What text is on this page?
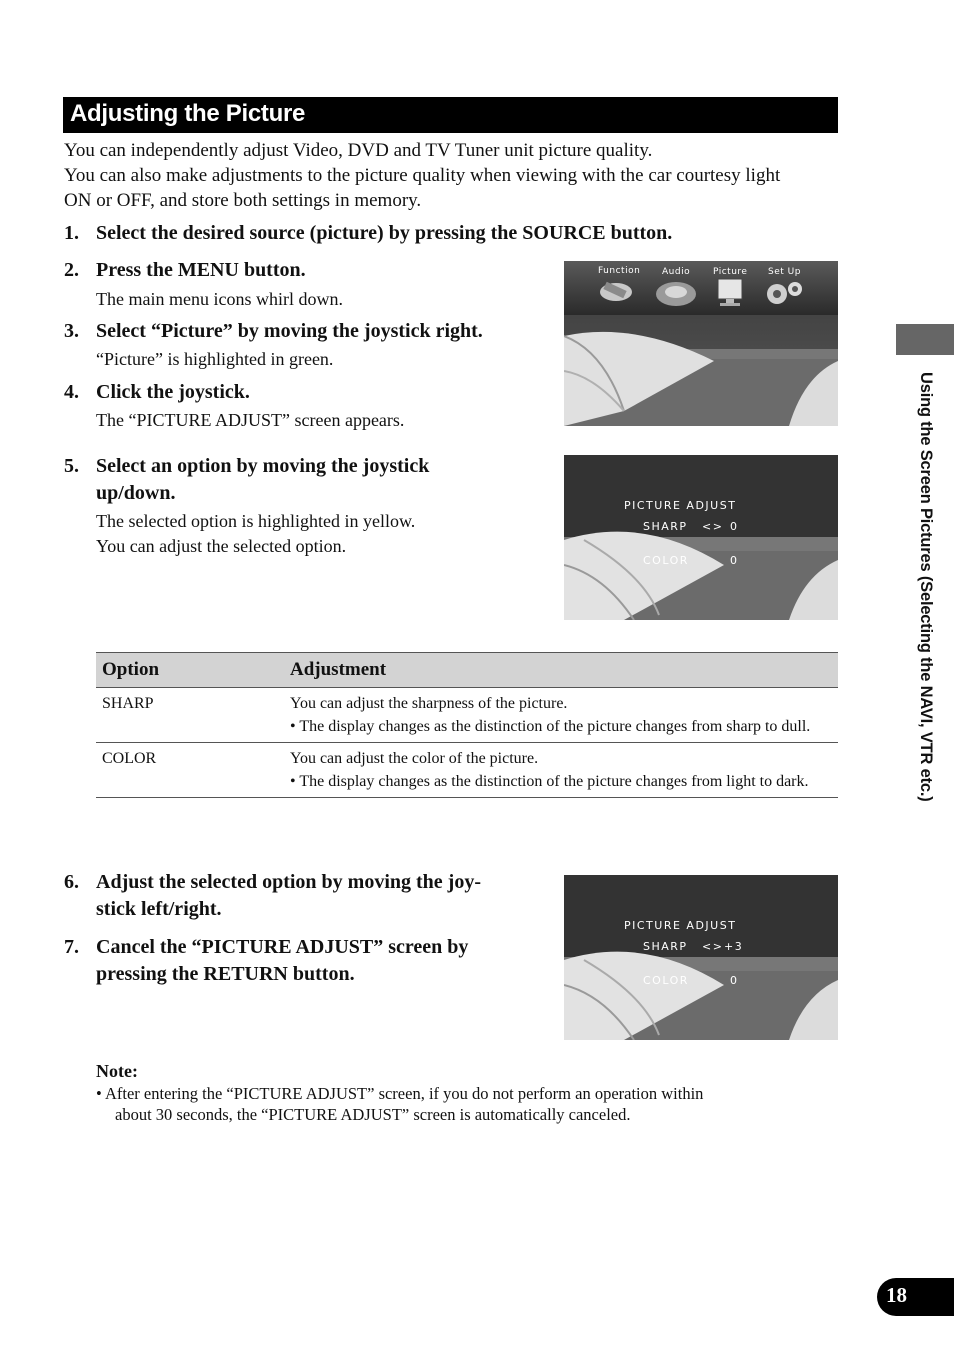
Adjusting the Picture
You can independently adjust Video, DVD and TV Tuner unit picture quality.
You can also make adjustments to the picture quality when viewing with the car courtesy light
ON or OFF, and store both settings in memory.
1. Select the desired source (picture) by pressing the SOURCE button.
2. Press the MENU button.
The main menu icons whirl down.
3. Select “Picture” by moving the joystick right.
“Picture” is highlighted in green.
4. Click the joystick.
The “PICTURE ADJUST” screen appears.
5. Select an option by moving the joystick
up/down.
The selected option is highlighted in yellow.
You can adjust the selected option.
Function Audio	Picture Set Up
PICTURE ADJUST
SHARP <> 0
COLOR	0
Option	Adjustment
SHARP	You can adjust the sharpness of the picture.
• The display changes as the distinction of the picture changes from sharp to dull.

COLOR	You can adjust the color of the picture.
• The display changes as the distinction of the picture changes from light to dark.
6. Adjust the selected option by moving the joy-
stick left/right.
7. Cancel the “PICTURE ADJUST” screen by
pressing the RETURN button.
PICTURE ADJUST
SHARP <> +3
COLOR	0
Note:
• After entering the “PICTURE ADJUST” screen, if you do not perform an operation within
about 30 seconds, the “PICTURE ADJUST” screen is automatically canceled.
Using the Screen Pictures (Selecting the NAVI, VTR etc.)
18
